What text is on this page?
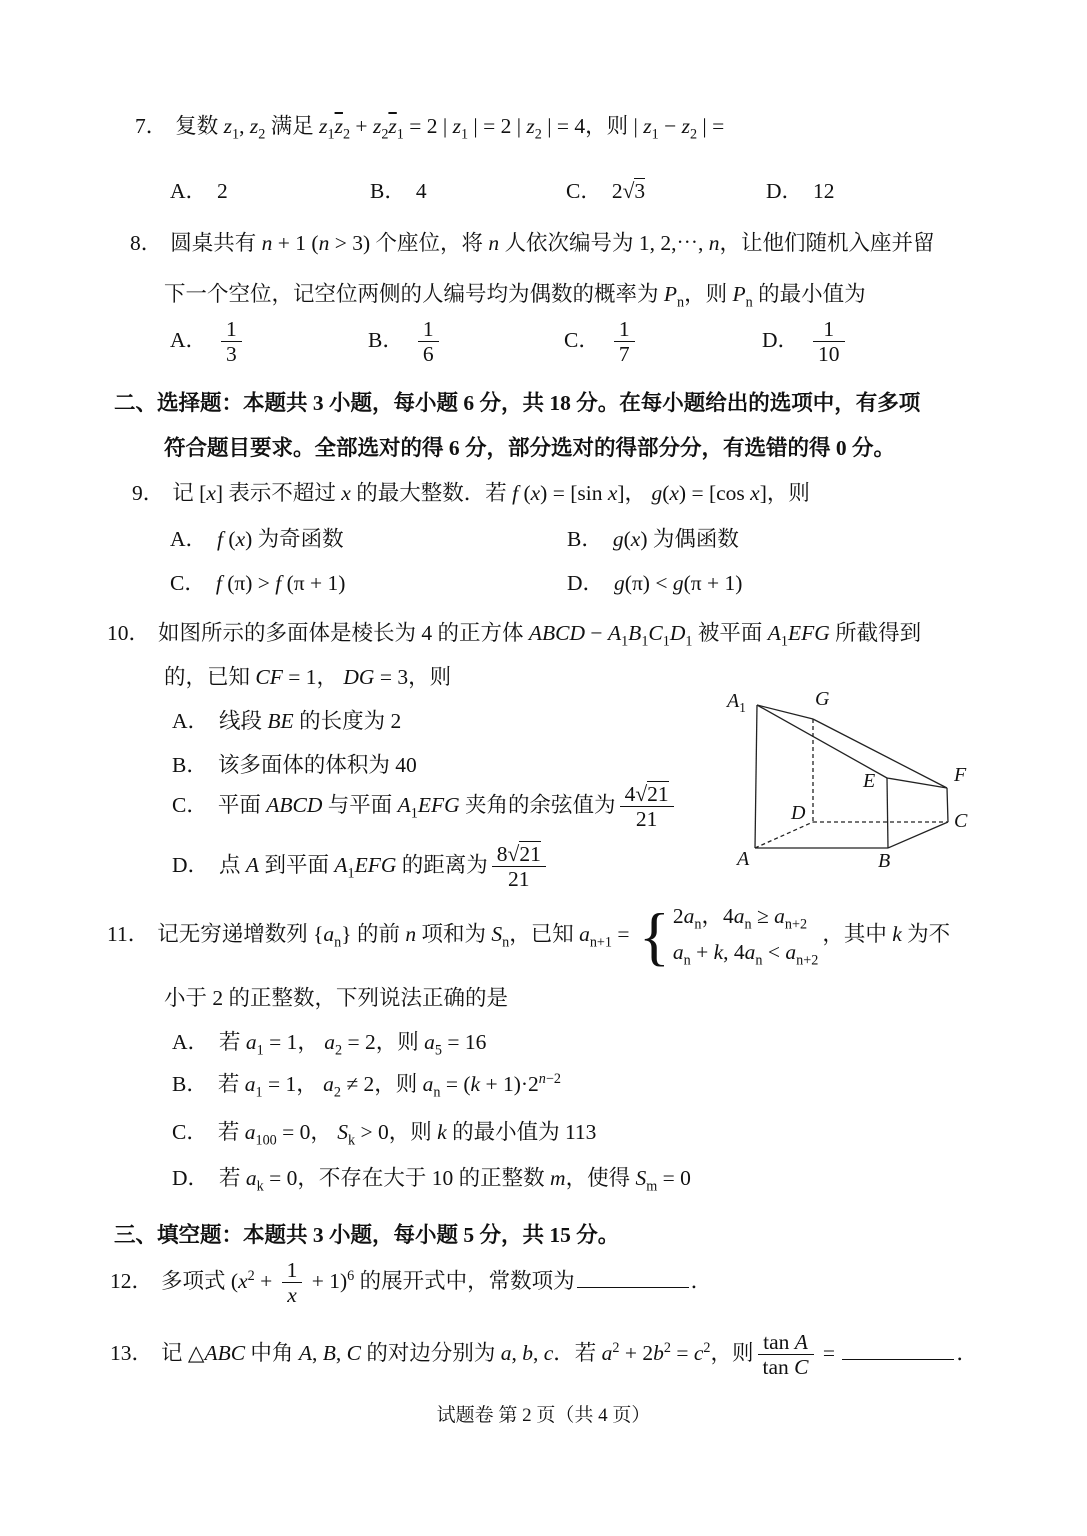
7． 复数 $z_1$, $z_2$ 满足 $z_1\overline{z}_2 + z_2\overline{z}_1 = 2$ | $z_1$ | = 2 | $z_2$ | = 4，则 | $z_1 - z_2$ | =
A． 2	B． 4	C． 2√3	D． 12
8． 圆桌共有 n + 1 (n > 3) 个座位，将 n 人依次编号为 1, 2,⋯, n，让他们随机入座并留
下一个空位，记空位两侧的人编号均为偶数的概率为 $P_n$，则 $P_n$ 的最小值为
A． $\frac{1}{3}$	B． $\frac{1}{6}$	C． $\frac{1}{7}$	D． $\frac{1}{10}$
二、选择题：本题共 3 小题，每小题 6 分，共 18 分。在每小题给出的选项中，有多项
符合题目要求。全部选对的得 6 分，部分选对的得部分分，有选错的得 0 分。
9． 记 [x] 表示不超过 x 的最大整数．若 f (x) = [sin x]， g(x) = [cos x]，则
A． f (x) 为奇函数	B． g(x) 为偶函数
C． f (π) > f (π + 1)	D． g(π) < g(π + 1)
10． 如图所示的多面体是棱长为 4 的正方体 ABCD − $A_1B_1C_1D_1$ 被平面 $A_1EFG$ 所截得到
的，已知 CF = 1， DG = 3，则
A． 线段 BE 的长度为 2
B． 该多面体的体积为 40
C． 平面 ABCD 与平面 $A_1EFG$ 夹角的余弦值为 $\frac{4√21}{21}$
D． 点 A 到平面 $A_1EFG$ 的距离为 $\frac{8√21}{21}$
$A_1$	G
E	F
D	C
A	B
11． 记无穷递增数列 $\{a_n\}$ 的前 n 项和为 $S_n$，已知 $a_{n+1}$ = { $2a_n$，$4a_n \ge a_{n+2}$
$a_n + k$, $4a_n < a_{n+2}$
，其中 k 为不
小于 2 的正整数，下列说法正确的是
A． 若 $a_1 = 1$， $a_2 = 2$，则 $a_5 = 16$
B． 若 $a_1 = 1$， $a_2 \ne 2$，则 $a_n = (k + 1)\cdot 2^{n-2}$
C． 若 $a_{100} = 0$， $S_k > 0$，则 k 的最小值为 113
D． 若 $a_k = 0$，不存在大于 10 的正整数 m，使得 $S_m = 0$
三、填空题：本题共 3 小题，每小题 5 分，共 15 分。
12． 多项式 $(x^2 + \frac{1}{x} + 1)^6$ 的展开式中，常数项为	．
13． 记 △ABC 中角 A, B, C 的对边分别为 a, b, c．若 $a^2 + 2b^2 = c^2$，则 $\frac{\text{tan A}}{\text{tan C}}$ =	．
试题卷 第 2 页（共 4 页）
